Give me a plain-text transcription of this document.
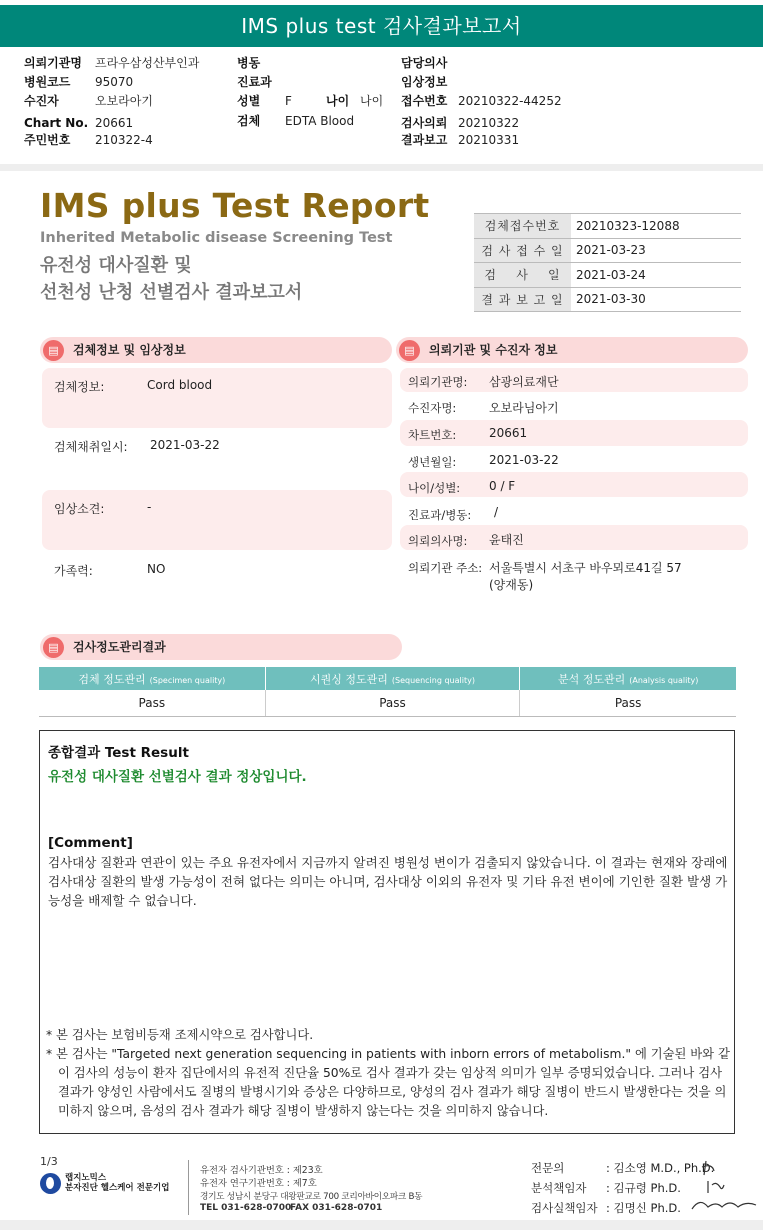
IMS plus test 검사결과보고서
의뢰기관명 프라우삼성산부인과
병원코드 95070
수진자	오보라아기
Chart No. 20661
주민번호 210322-4
병동
진료과
성별 F
검체 EDTA Blood
나이 나이
담당의사
임상정보
접수번호 20210322-44252
검사의뢰 20210322
결과보고 20210331
IMS plus Test Report
Inherited Metabolic disease Screening Test
유전성 대사질환 및
선천성 난청 선별검사 결과보고서
검체접수번호	20210323-12088
검 사 접 수 일	2021-03-23
검    사    일	2021-03-24
결 과 보 고 일	2021-03-30
▤	검체정보 및 임상정보
검체정보:	Cord blood
검체채취일시: 2021-03-22
임상소견:	-
가족력:	NO
▤	의뢰기관 및 수진자 정보
의뢰기관명: 삼광의료재단
수진자명:	오보라님아기
차트번호:	20661
생년월일:	2021-03-22
나이/성별: 0 / F
진료과/병동: /
의뢰의사명: 윤태진
의뢰기관 주소: 서울특별시 서초구 바우뫼로41길 57
(양재동)
▤	검사정도관리결과
검체 정도관리 (Specimen quality)	시퀀싱 정도관리 (Sequencing quality)	분석 정도관리 (Analysis quality)
Pass	Pass	Pass
종합결과 Test Result
유전성 대사질환 선별검사 결과 정상입니다.
[Comment]
검사대상 질환과 연관이 있는 주요 유전자에서 지금까지 알려진 병원성 변이가 검출되지 않았습니다. 이 결과는 현재와 장래에 검사대상 질환의 발생 가능성이 전혀 없다는 의미는 아니며, 검사대상 이외의 유전자 및 기타 유전 변이에 기인한 질환 발생 가능성을 배제할 수 없습니다.
* 본 검사는 보험비등재 조제시약으로 검사합니다.
* 본 검사는 "Targeted next generation sequencing in patients with inborn errors of metabolism." 에 기술된 바와 같이 검사의 성능이 환자 집단에서의 유전적 진단율 50%로 검사 결과가 갖는 임상적 의미가 일부 증명되었습니다. 그러나 검사 결과가 양성인 사람에서도 질병의 발병시기와 증상은 다양하므로, 양성의 검사 결과가 해당 질병이 반드시 발생한다는 것을 의미하지 않으며, 음성의 검사 결과가 해당 질병이 발생하지 않는다는 것을 의미하지 않습니다.
1/3
랩지노믹스
분자진단 헬스케어 전문기업
유전자 검사기관번호 : 제23호
유전자 연구기관번호 : 제7호
경기도 성남시 분당구 대왕판교로 700 코리아바이오파크 B동
TEL 031-628-0700
FAX 031-628-0701
전문의	: 김소영 M.D., Ph.D.
분석책임자 : 김규령 Ph.D.
검사실책임자 : 김명신 Ph.D.
